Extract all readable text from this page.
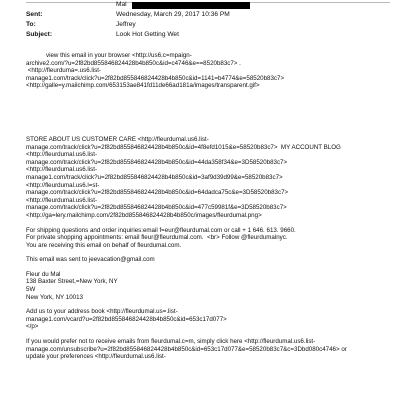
Mal
Sent:	Wednesday, March 29, 2017 10:36 PM
To:	Jeffrey
Subject:	Look Hot Getting Wet

view this email in your browser <http://us6.c=mpaign-

archive2.com/?u=2f82bd855846824428b4b850c&id=c4746&e==8520b83c7> .

<http://fleurduma=.us6.list-

manage1.com/track/click?u=2f82bd855846824428b4b850c&id=1141=b4774&e=58520b83c7>

<http://galle=y.mailchimp.com/653153ae841fd11de66ad181a/images/transparent.gif>

STORE ABOUT US CUSTOMER CARE <http://fleurdumal.us6.list-

manage.com/track/click?u=2f82bd855846824428b4b850c&id=4f8efd1015&e=58520b83c7>  MY ACCOUNT BLOG

<http://fleurdumal.us6.list-

manage.com/track/click?u=2f82bd855846824428b4b850c&id=44da358f34&e=3D58520b83c7>

<http://fleurdumal.us6.list-

manage1.com/track/click?u=2f82bd855846824428b4b850c&id=3af9d39d99&e=58520b83c7>

<http://fleurdumal.us6.l=st-

manage.com/track/click?u=2f82bd855846824428b4b850c&id=64dadca75c&e=3D58520b83c7>

<http://fleurdumal.us6.list-

manage.com/track/click?u=2f82bd855846824428b4b850c&id=477c59981f&e=3D58520b83c7>

<http://ga=lery.mailchimp.com/2f82bd855846824428b4b850c/images/fleurdumal.png>

For shipping questions and order inquiries:email f=eur@fleurdumal.com or call + 1 646. 613. 9660.

For private shopping appointments: email fleur@fleurdumal.com.  <br> Follow @fleurdumalnyc.

You are receiving this email on behalf of fleurdumal.com.

This email was sent to jeevacation@gmail.com

Fleur du Mal

138 Baxter Street,=New York, NY

5W

New York, NY 10013

Add us to your address book <http://fleurdumal.us=.list-

manage1.com/vcard?u=2f82bd855846824428b4b850c&id=653c17d077>

</p>

If you would prefer not to receive emails from fleurdumal.c=m, simply click here <http://fleurdumal.us6.list-

manage.com/unsubscribe?u=2f82bd855846824428b4b850c&id=653c17d077&e=58520b83c7&c=3Dbd080c4746> or

update your preferences <http://fleurdumal.us6.list-
